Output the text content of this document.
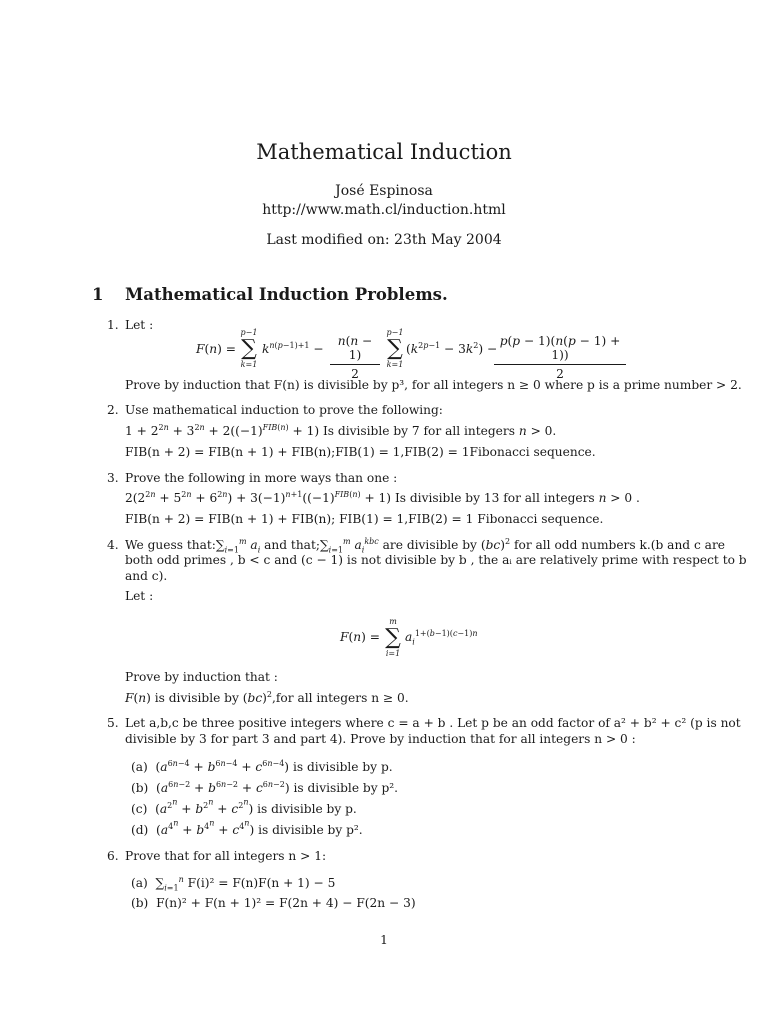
Mathematical Induction
José Espinosa
http://www.math.cl/induction.html
Last modified on: 23th May 2004
1 Mathematical Induction Problems.
1. Let :
F(n) =
p−1
∑
k=1
$k^{n(p-1)+1} - \frac{n(n - 1)}{2}$
p−1
∑
k=1
$(k^{2p-1} - 3k^2)$ −
$\frac{p(p - 1)(n(p - 1) + 1))}{2}$
Prove by induction that F(n) is divisible by p³, for all integers n ≥ 0 where p is a prime number > 2.
2. Use mathematical induction to prove the following:
$1 + 2^{2n} + 3^{2n} + 2((-1)^{FIB(n)} + 1)$ Is divisible by 7 for all integers n > 0.
FIB(n + 2) = FIB(n + 1) + FIB(n);FIB(1) = 1,FIB(2) = 1Fibonacci sequence.
3. Prove the following in more ways than one :
$2(2^{2n} + 5^{2n} + 6^{2n}) + 3(-1)^{n+1}((-1)^{FIB(n)} + 1)$ Is divisible by 13 for all integers n > 0 .
FIB(n + 2) = FIB(n + 1) + FIB(n); FIB(1) = 1,FIB(2) = 1 Fibonacci sequence.
4. We guess $that:\sum_{i=1}^m$ $a_i$ and $that;\sum_{i=1}^m$ $a_i^{kbc}$ are divisible by (bc)$^2$ for all odd numbers k.(b and c are
both odd primes , b < c and (c − 1) is not divisible by b , the aᵢ are relatively prime with respect to b
and c).
Let :
F(n) =
m
∑
i=1
$a_i^{1+(b-1)(c-1)n}$
Prove by induction that :
F(n) is divisible by (bc)$^2$,for all integers n ≥ 0.
5. Let a,b,c be three positive integers where c = a + b . Let p be an odd factor of a² + b² + c² (p is not
divisible by 3 for part 3 and part 4). Prove by induction that for all integers n > 0 :
(a)  $(a^{6n-4} + b^{6n-4} + c^{6n-4})$ is divisible by p.
(b)  $(a^{6n-2} + b^{6n-2} + c^{6n-2})$ is divisible by p².
(c)  $(a^{2^n} + b^{2^n} + c^{2^n})$ is divisible by p.
(d)  $(a^{4^n} + b^{4^n} + c^{4^n})$ is divisible by p².
6. Prove that for all integers n > 1:
(a)  $\sum_{i=1}^n$ F(i)² = F(n)F(n + 1) − 5
(b) F(n)² + F(n + 1)² = F(2n + 4) − F(2n − 3)
1
